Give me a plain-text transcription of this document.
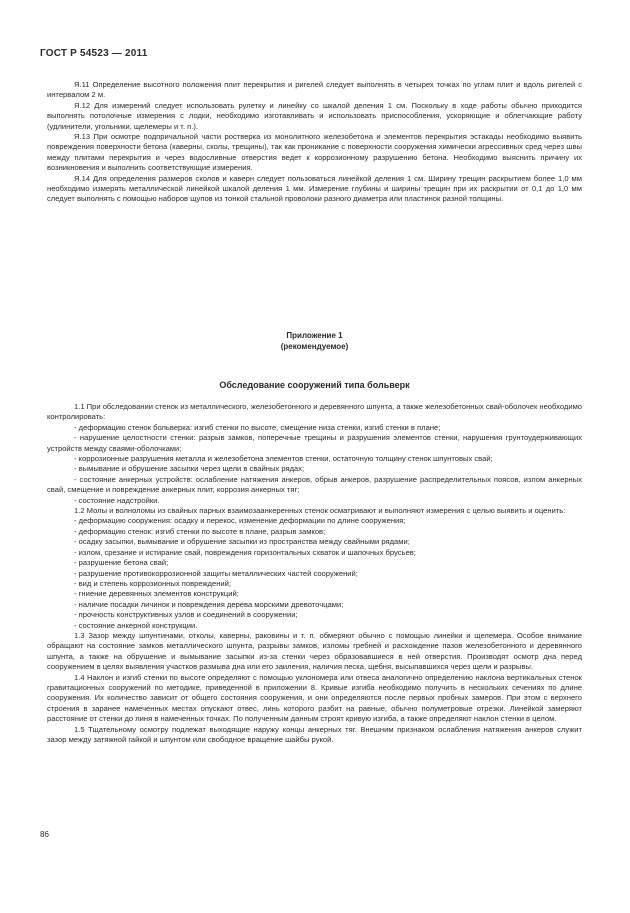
ГОСТ Р 54523 — 2011

Я.11 Определение высотного положения плит перекрытия и ригелей следует выполнять в четырех точках по углам плит и вдоль ригелей с интервалом 2 м.

Я.12 Для измерений следует использовать рулетку и линейку со шкалой деления 1 см. Поскольку в ходе работы обычно приходится выполнять потолочные измерения с лодки, необходимо изготавливать и использовать приспособления, ускоряющие и облегчающие работу (удлинители, угольники, щелемеры и т. п.).

Я.13 При осмотре подпричальной части ростверка из монолитного железобетона и элементов перекрытия эстакады необходимо выявить повреждения поверхности бетона (каверны, сколы, трещины), так как проникание с поверхности сооружения химически агрессивных сред через швы между плитами перекрытия и через водосливные отверстия ведет к коррозионному разрушению бетона. Необходимо выяснить причину их возникновения и выполнить соответствующие измерения.

Я.14 Для определения размеров сколов и каверн следует пользоваться линейкой деления 1 см. Ширину трещин раскрытием более 1,0 мм необходимо измерять металлической линейкой шкалой деления 1 мм. Измерение глубины и ширины трещин при их раскрытии от 0,1 до 1,0 мм следует выполнять с помощью наборов щупов из тонкой стальной проволоки разного диаметра или пластинок разной толщины.

Приложение 1
(рекомендуемое)
Обследование сооружений типа больверк

1.1 При обследовании стенок из металлического, железобетонного и деревянного шпунта, а также железобетонных свай-оболочек необходимо контролировать:

- деформацию стенок больверка: изгиб стенки по высоте, смещение низа стенки, изгиб стенки в плане;

- нарушение целостности стенки: разрыв замков, поперечные трещины и разрушения элементов стенки, нарушения грунтоудерживающих устройств между сваями-оболочками;

- коррозионные разрушения металла и железобетона элементов стенки, остаточную толщину стенок шпунтовых свай;

- вымывание и обрушение засыпки через щели в свайных рядах;

- состояние анкерных устройств: ослабление натяжения анкеров, обрыв анкеров, разрушение распределительных поясов, излом анкерных свай, смещение и повреждение анкерных плит, коррозия анкерных тяг;

- состояние надстройки.

1.2 Молы и волноломы из свайных парных взаимозаанкеренных стенок осматривают и выполняют измерения с целью выявить и оценить:

- деформацию сооружения: осадку и перекос, изменение деформации по длине сооружения;

- деформацию стенок: изгиб стенки по высоте в плане, разрыв замков;

- осадку засыпки, вымывание и обрушение засыпки из пространства между свайными рядами;

- излом, срезание и истирание свай, повреждения горизонтальных схваток и шапочных брусьев;

- разрушение бетона свай;

- разрушение противокоррозионной защиты металлических частей сооружений;

- вид и степень коррозионных повреждений;

- гниение деревянных элементов конструкций;

- наличие посадки личинок и повреждения дерева морскими древоточцами;

- прочность конструктивных узлов и соединений в сооружении;

- состояние анкерной конструкции.

1.3 Зазор между шпунтинами, отколы, каверны, раковины и т. п. обмеряют обычно с помощью линейки и щелемера. Особое внимание обращают на состояние замков металлического шпунта, разрывы замков, изломы гребней и расхождение пазов железобетонного и деревянного шпунта, а также на обрушение и вымывание засыпки из-за стенки через образовавшиеся в ней отверстия. Производят осмотр дна перед сооружением в целях выявления участков размыва дна или его заиления, наличия песка, щебня, высыпавшихся через щели и разрывы.

1.4 Наклон и изгиб стенки по высоте определяют с помощью уклономера или отвеса аналогично определению наклона вертикальных стенок гравитационных сооружений по методике, приведенной в приложении 8. Кривые изгиба необходимо получить в нескольких сечениях по длине сооружения. Их количество зависит от общего состояния сооружения, и они определяются после первых пробных замеров. При этом с верхнего строения в заранее намеченных местах опускают отвес, линь которого разбит на равные, обычно полуметровые отрезки. Линейкой замеряют расстояние от стенки до линя в намеченных точках. По полученным данным строят кривую изгиба, а также определяют наклон стенки в целом.

1.5 Тщательному осмотру подлежат выходящие наружу концы анкерных тяг. Внешним признаком ослабления натяжения анкеров служит зазор между затяжной гайкой и шпунтом или свободное вращение шайбы рукой.

86
